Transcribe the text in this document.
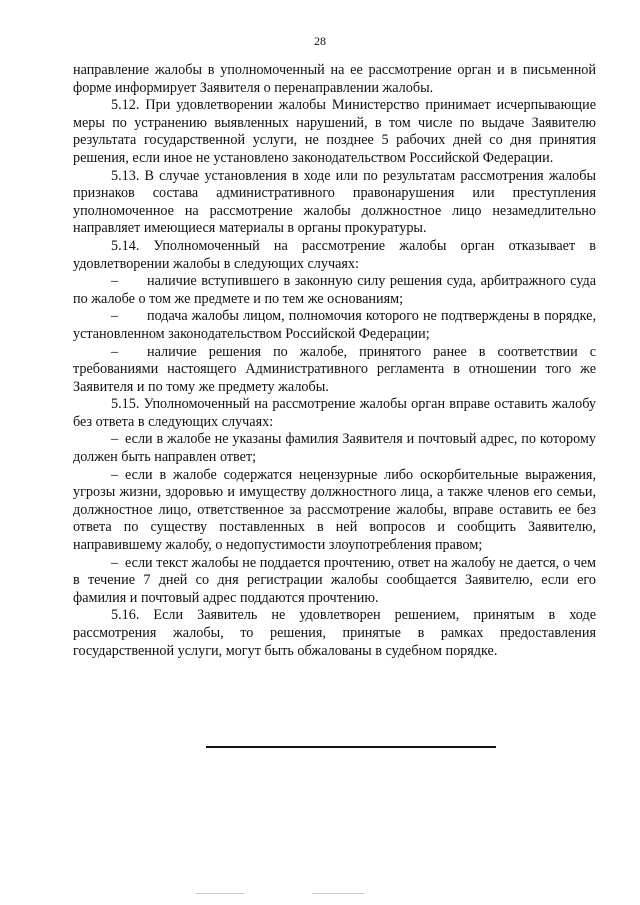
28

направление жалобы в уполномоченный на ее рассмотрение орган и в письменной форме информирует Заявителя о перенаправлении жалобы.

5.12. При удовлетворении жалобы Министерство принимает исчерпывающие меры по устранению выявленных нарушений, в том числе по выдаче Заявителю результата государственной услуги, не позднее 5 рабочих дней со дня принятия решения, если иное не установлено законодательством Российской Федерации.

5.13. В случае установления в ходе или по результатам рассмотрения жалобы признаков состава административного правонарушения или преступления уполномоченное на рассмотрение жалобы должностное лицо незамедлительно направляет имеющиеся материалы в органы прокуратуры.

5.14. Уполномоченный на рассмотрение жалобы орган отказывает в удовлетворении жалобы в следующих случаях:

– наличие вступившего в законную силу решения суда, арбитражного суда по жалобе о том же предмете и по тем же основаниям;

– подача жалобы лицом, полномочия которого не подтверждены в порядке, установленном законодательством Российской Федерации;

– наличие решения по жалобе, принятого ранее в соответствии с требованиями настоящего Административного регламента в отношении того же Заявителя и по тому же предмету жалобы.

5.15. Уполномоченный на рассмотрение жалобы орган вправе оставить жалобу без ответа в следующих случаях:

– если в жалобе не указаны фамилия Заявителя и почтовый адрес, по которому должен быть направлен ответ;

– если в жалобе содержатся нецензурные либо оскорбительные выражения, угрозы жизни, здоровью и имуществу должностного лица, а также членов его семьи, должностное лицо, ответственное за рассмотрение жалобы, вправе оставить ее без ответа по существу поставленных в ней вопросов и сообщить Заявителю, направившему жалобу, о недопустимости злоупотребления правом;

– если текст жалобы не поддается прочтению, ответ на жалобу не дается, о чем в течение 7 дней со дня регистрации жалобы сообщается Заявителю, если его фамилия и почтовый адрес поддаются прочтению.

5.16. Если Заявитель не удовлетворен решением, принятым в ходе рассмотрения жалобы, то решения, принятые в рамках предоставления государственной услуги, могут быть обжалованы в судебном порядке.
